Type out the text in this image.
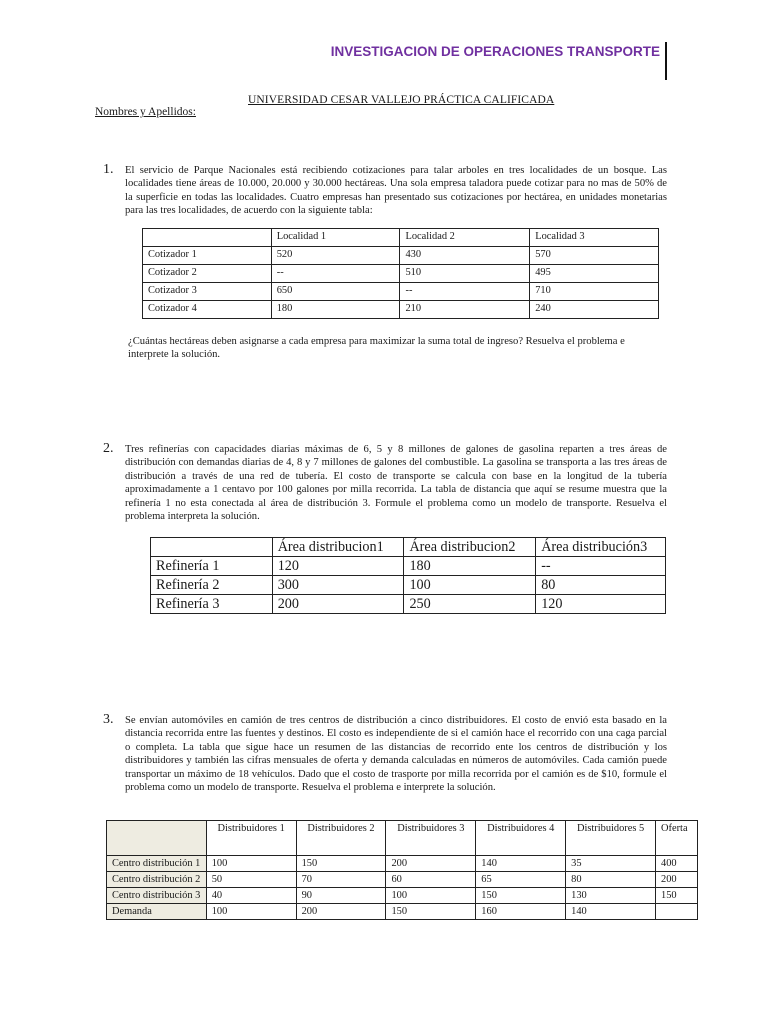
INVESTIGACION DE OPERACIONES TRANSPORTE
UNIVERSIDAD CESAR VALLEJO PRÁCTICA CALIFICADA
Nombres y Apellidos:
1. El servicio de Parque Nacionales está recibiendo cotizaciones para talar arboles en tres localidades de un bosque. Las localidades tiene áreas de 10.000, 20.000 y 30.000 hectáreas. Una sola empresa taladora puede cotizar para no mas de 50% de la superficie en todas las localidades. Cuatro empresas han presentado sus cotizaciones por hectárea, en unidades monetarias para las tres localidades, de acuerdo con la siguiente tabla:
	Localidad 1	Localidad 2	Localidad 3
Cotizador 1	520	430	570
Cotizador 2	--	510	495
Cotizador 3	650	--	710
Cotizador 4	180	210	240
¿Cuántas hectáreas deben asignarse a cada empresa para maximizar la suma total de ingreso? Resuelva el problema e interprete la solución.
2. Tres refinerías con capacidades diarias máximas de 6, 5 y 8 millones de galones de gasolina reparten a tres áreas de distribución con demandas diarias de 4, 8 y 7 millones de galones del combustible. La gasolina se transporta a las tres áreas de distribución a través de una red de tubería. El costo de transporte se calcula con base en la longitud de la tubería aproximadamente a 1 centavo por 100 galones por milla recorrida. La tabla de distancia que aquí se resume muestra que la refinería 1 no esta conectada al área de distribución 3. Formule el problema como un modelo de transporte. Resuelva el problema interpreta la solución.
	Área distribucion1	Área distribucion2	Área distribución3
Refinería 1	120	180	--
Refinería 2	300	100	80
Refinería 3	200	250	120
3. Se envían automóviles en camión de tres centros de distribución a cinco distribuidores. El costo de envió esta basado en la distancia recorrida entre las fuentes y destinos. El costo es independiente de si el camión hace el recorrido con una caga parcial o completa. La tabla que sigue hace un resumen de las distancias de recorrido ente los centros de distribución y los distribuidores y también las cifras mensuales de oferta y demanda calculadas en números de automóviles. Cada camión puede transportar un máximo de 18 vehículos. Dado que el costo de trasporte por milla recorrida por el camión es de $10, formule el problema como un modelo de transporte. Resuelva el problema e interprete la solución.
	Distribuidores 1	Distribuidores 2	Distribuidores 3	Distribuidores 4	Distribuidores 5	Oferta
Centro distribución 1	100	150	200	140	35	400
Centro distribución 2	50	70	60	65	80	200
Centro distribución 3	40	90	100	150	130	150
Demanda	100	200	150	160	140	
